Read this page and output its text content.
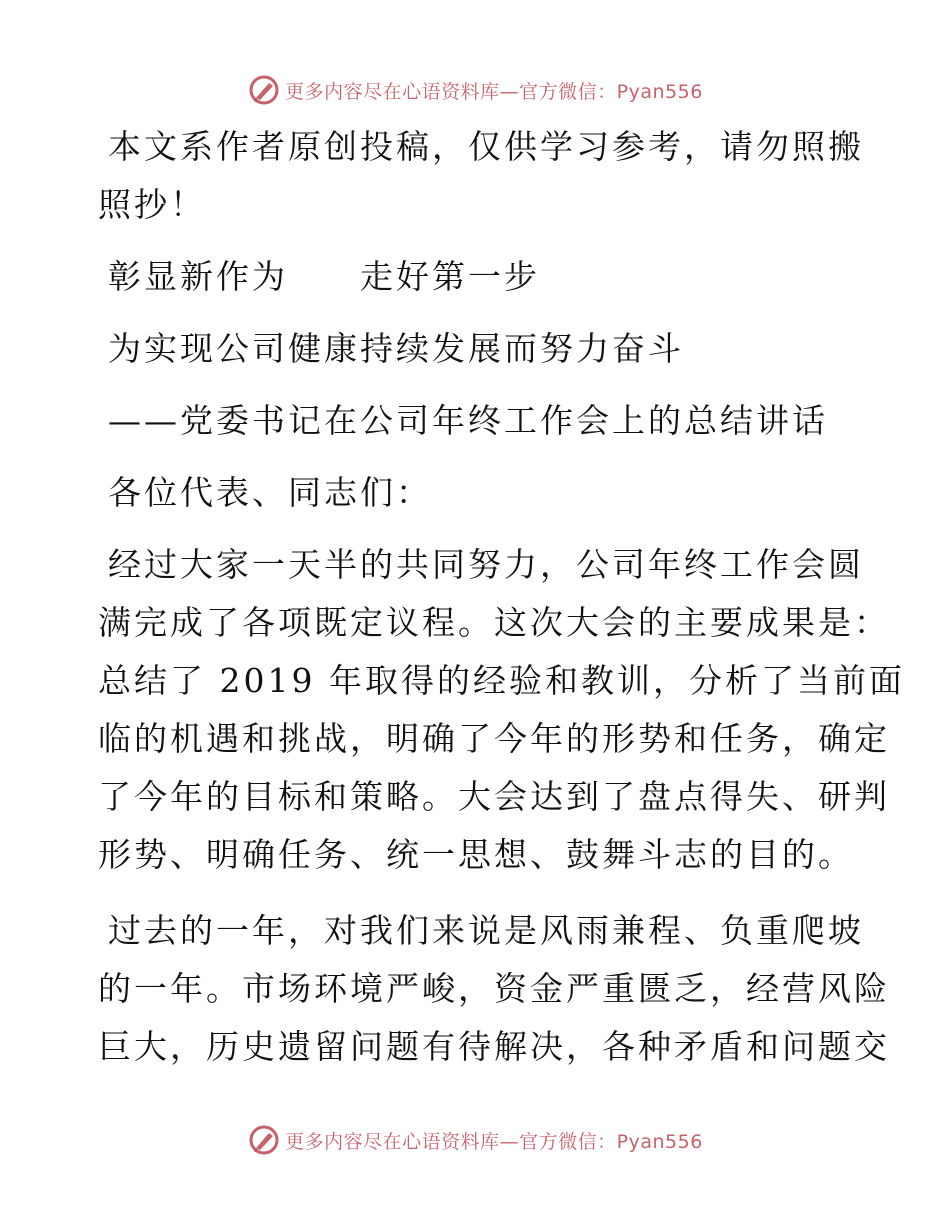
更多内容尽在心语资料库—官方微信：Pyan556

本文系作者原创投稿，仅供学习参考，请勿照搬

照抄！

彰显新作为　　走好第一步

为实现公司健康持续发展而努力奋斗

——党委书记在公司年终工作会上的总结讲话

各位代表、同志们：

经过大家一天半的共同努力，公司年终工作会圆

满完成了各项既定议程。这次大会的主要成果是：

总结了 2019 年取得的经验和教训，分析了当前面

临的机遇和挑战，明确了今年的形势和任务，确定

了今年的目标和策略。大会达到了盘点得失、研判

形势、明确任务、统一思想、鼓舞斗志的目的。

过去的一年，对我们来说是风雨兼程、负重爬坡

的一年。市场环境严峻，资金严重匮乏，经营风险

巨大，历史遗留问题有待解决，各种矛盾和问题交

更多内容尽在心语资料库—官方微信：Pyan556
